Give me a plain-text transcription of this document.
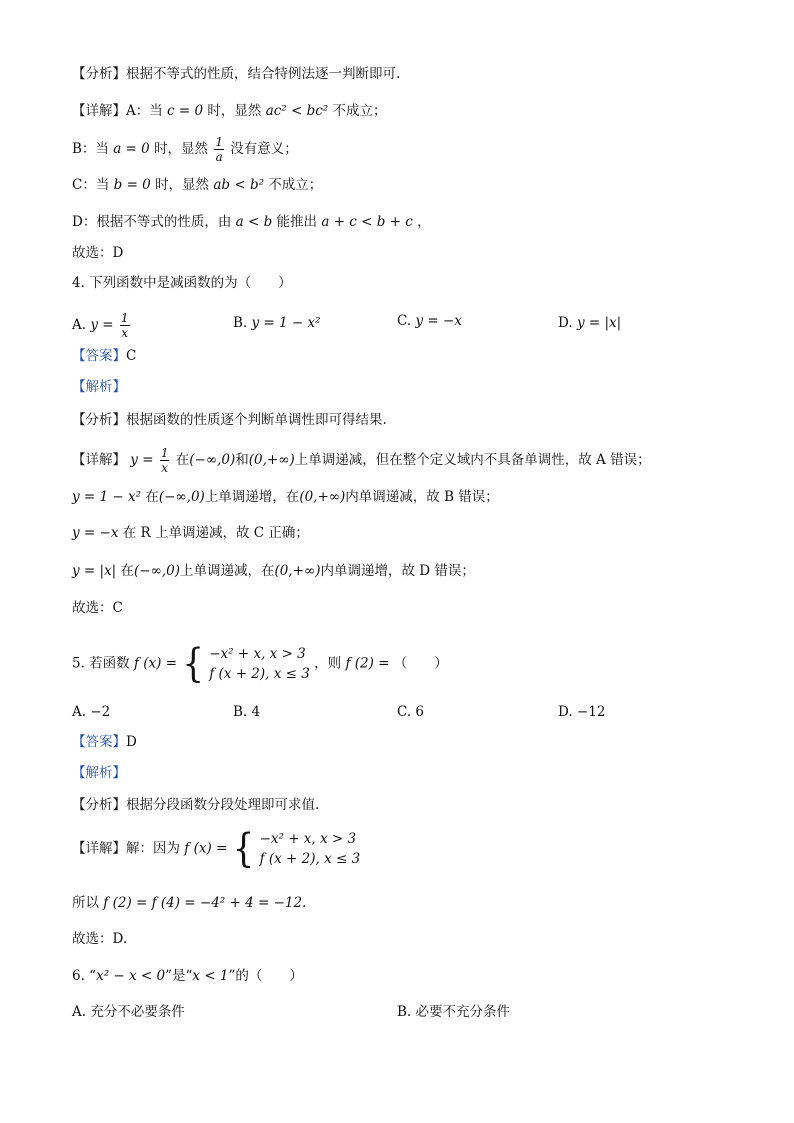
【分析】根据不等式的性质，结合特例法逐一判断即可.
【详解】A：当 c = 0 时，显然 ac² < bc² 不成立；
B：当 a = 0 时，显然 $\frac{1}{a}$ 没有意义；
C：当 b = 0 时，显然 ab < b² 不成立；
D：根据不等式的性质，由 a < b 能推出 a + c < b + c ，
故选：D
4. 下列函数中是减函数的为（　　）
A. $y = \frac{1}{x}$	B. y = 1 − x²	C. y = −x	D. y = |x|
【答案】C
【解析】
【分析】根据函数的性质逐个判断单调性即可得结果.
【详解】 $y = \frac{1}{x}$ 在(−∞,0)和(0,+∞)上单调递减，但在整个定义域内不具备单调性，故 A 错误；
y = 1 − x² 在(−∞,0)上单调递增，在(0,+∞)内单调递减，故 B 错误；
y = −x 在 R 上单调递减，故 C 正确；
y = |x| 在(−∞,0)上单调递减，在(0,+∞)内单调递增，故 D 错误；
故选：C
5. 若函数 f (x) = { −x² + x, x > 3
f (x + 2), x ≤ 3
，则 f (2) = （　　）
A. −2	B. 4	C. 6	D. −12
【答案】D
【解析】
【分析】根据分段函数分段处理即可求值.
【详解】解：因为 f (x) = { −x² + x, x > 3
f (x + 2), x ≤ 3
所以 f (2) = f (4) = −4² + 4 = −12.
故选：D.
6. “x² − x < 0”是“x < 1”的（　　）
A. 充分不必要条件	B. 必要不充分条件
